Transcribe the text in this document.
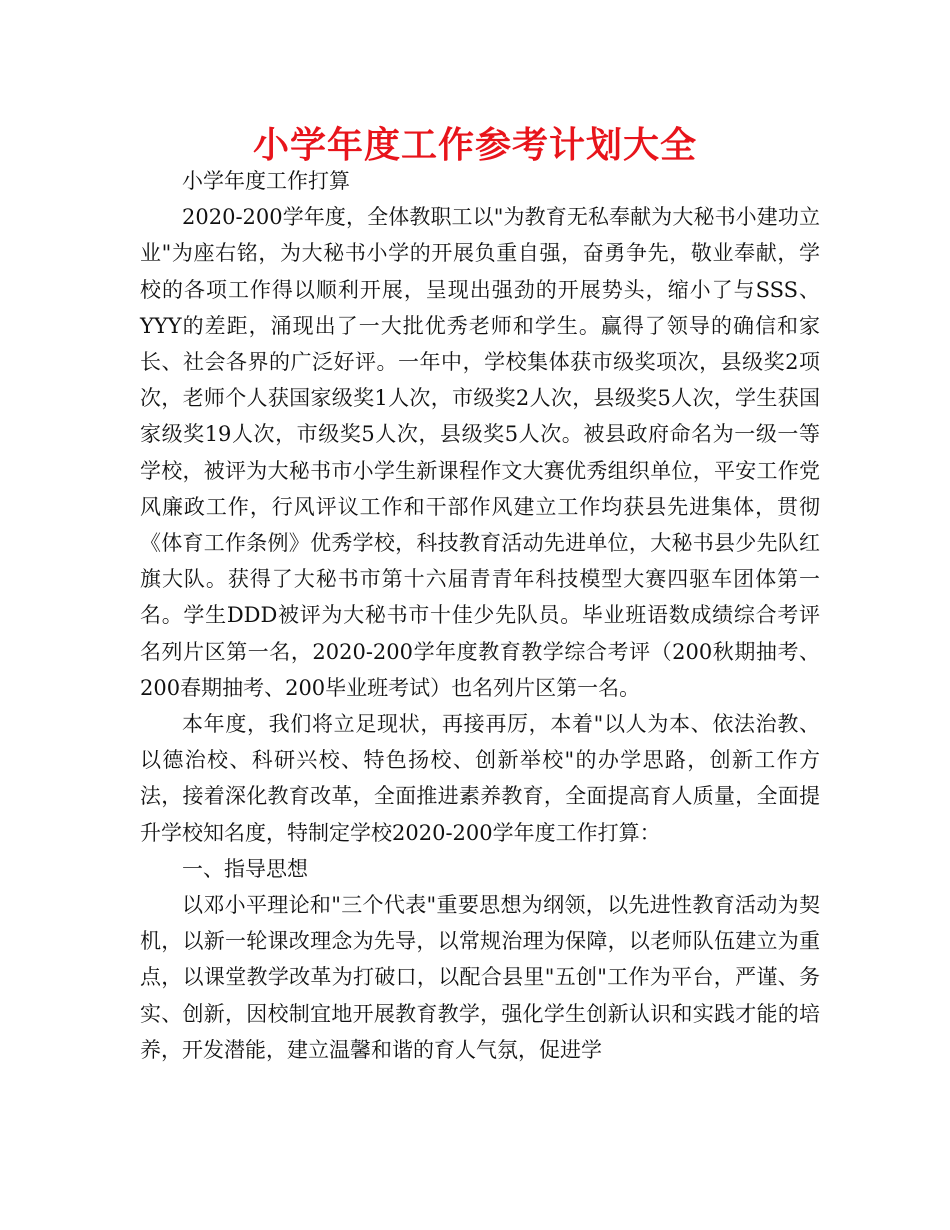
小学年度工作参考计划大全

小学年度工作打算

2020-200学年度，全体教职工以"为教育无私奉献为大秘书小建功立业"为座右铭，为大秘书小学的开展负重自强，奋勇争先，敬业奉献，学校的各项工作得以顺利开展，呈现出强劲的开展势头，缩小了与SSS、YYY的差距，涌现出了一大批优秀老师和学生。赢得了领导的确信和家长、社会各界的广泛好评。一年中，学校集体获市级奖项次，县级奖2项次，老师个人获国家级奖1人次，市级奖2人次，县级奖5人次，学生获国家级奖19人次，市级奖5人次，县级奖5人次。被县政府命名为一级一等学校，被评为大秘书市小学生新课程作文大赛优秀组织单位，平安工作党风廉政工作，行风评议工作和干部作风建立工作均获县先进集体，贯彻《体育工作条例》优秀学校，科技教育活动先进单位，大秘书县少先队红旗大队。获得了大秘书市第十六届青青年科技模型大赛四驱车团体第一名。学生DDD被评为大秘书市十佳少先队员。毕业班语数成绩综合考评名列片区第一名，2020-200学年度教育教学综合考评（200秋期抽考、200春期抽考、200毕业班考试）也名列片区第一名。

本年度，我们将立足现状，再接再厉，本着"以人为本、依法治教、以德治校、科研兴校、特色扬校、创新举校"的办学思路，创新工作方法，接着深化教育改革，全面推进素养教育，全面提高育人质量，全面提升学校知名度，特制定学校2020-200学年度工作打算：

一、指导思想

以邓小平理论和"三个代表"重要思想为纲领，以先进性教育活动为契机，以新一轮课改理念为先导，以常规治理为保障，以老师队伍建立为重点，以课堂教学改革为打破口，以配合县里"五创"工作为平台，严谨、务实、创新，因校制宜地开展教育教学，强化学生创新认识和实践才能的培养，开发潜能，建立温馨和谐的育人气氛，促进学
